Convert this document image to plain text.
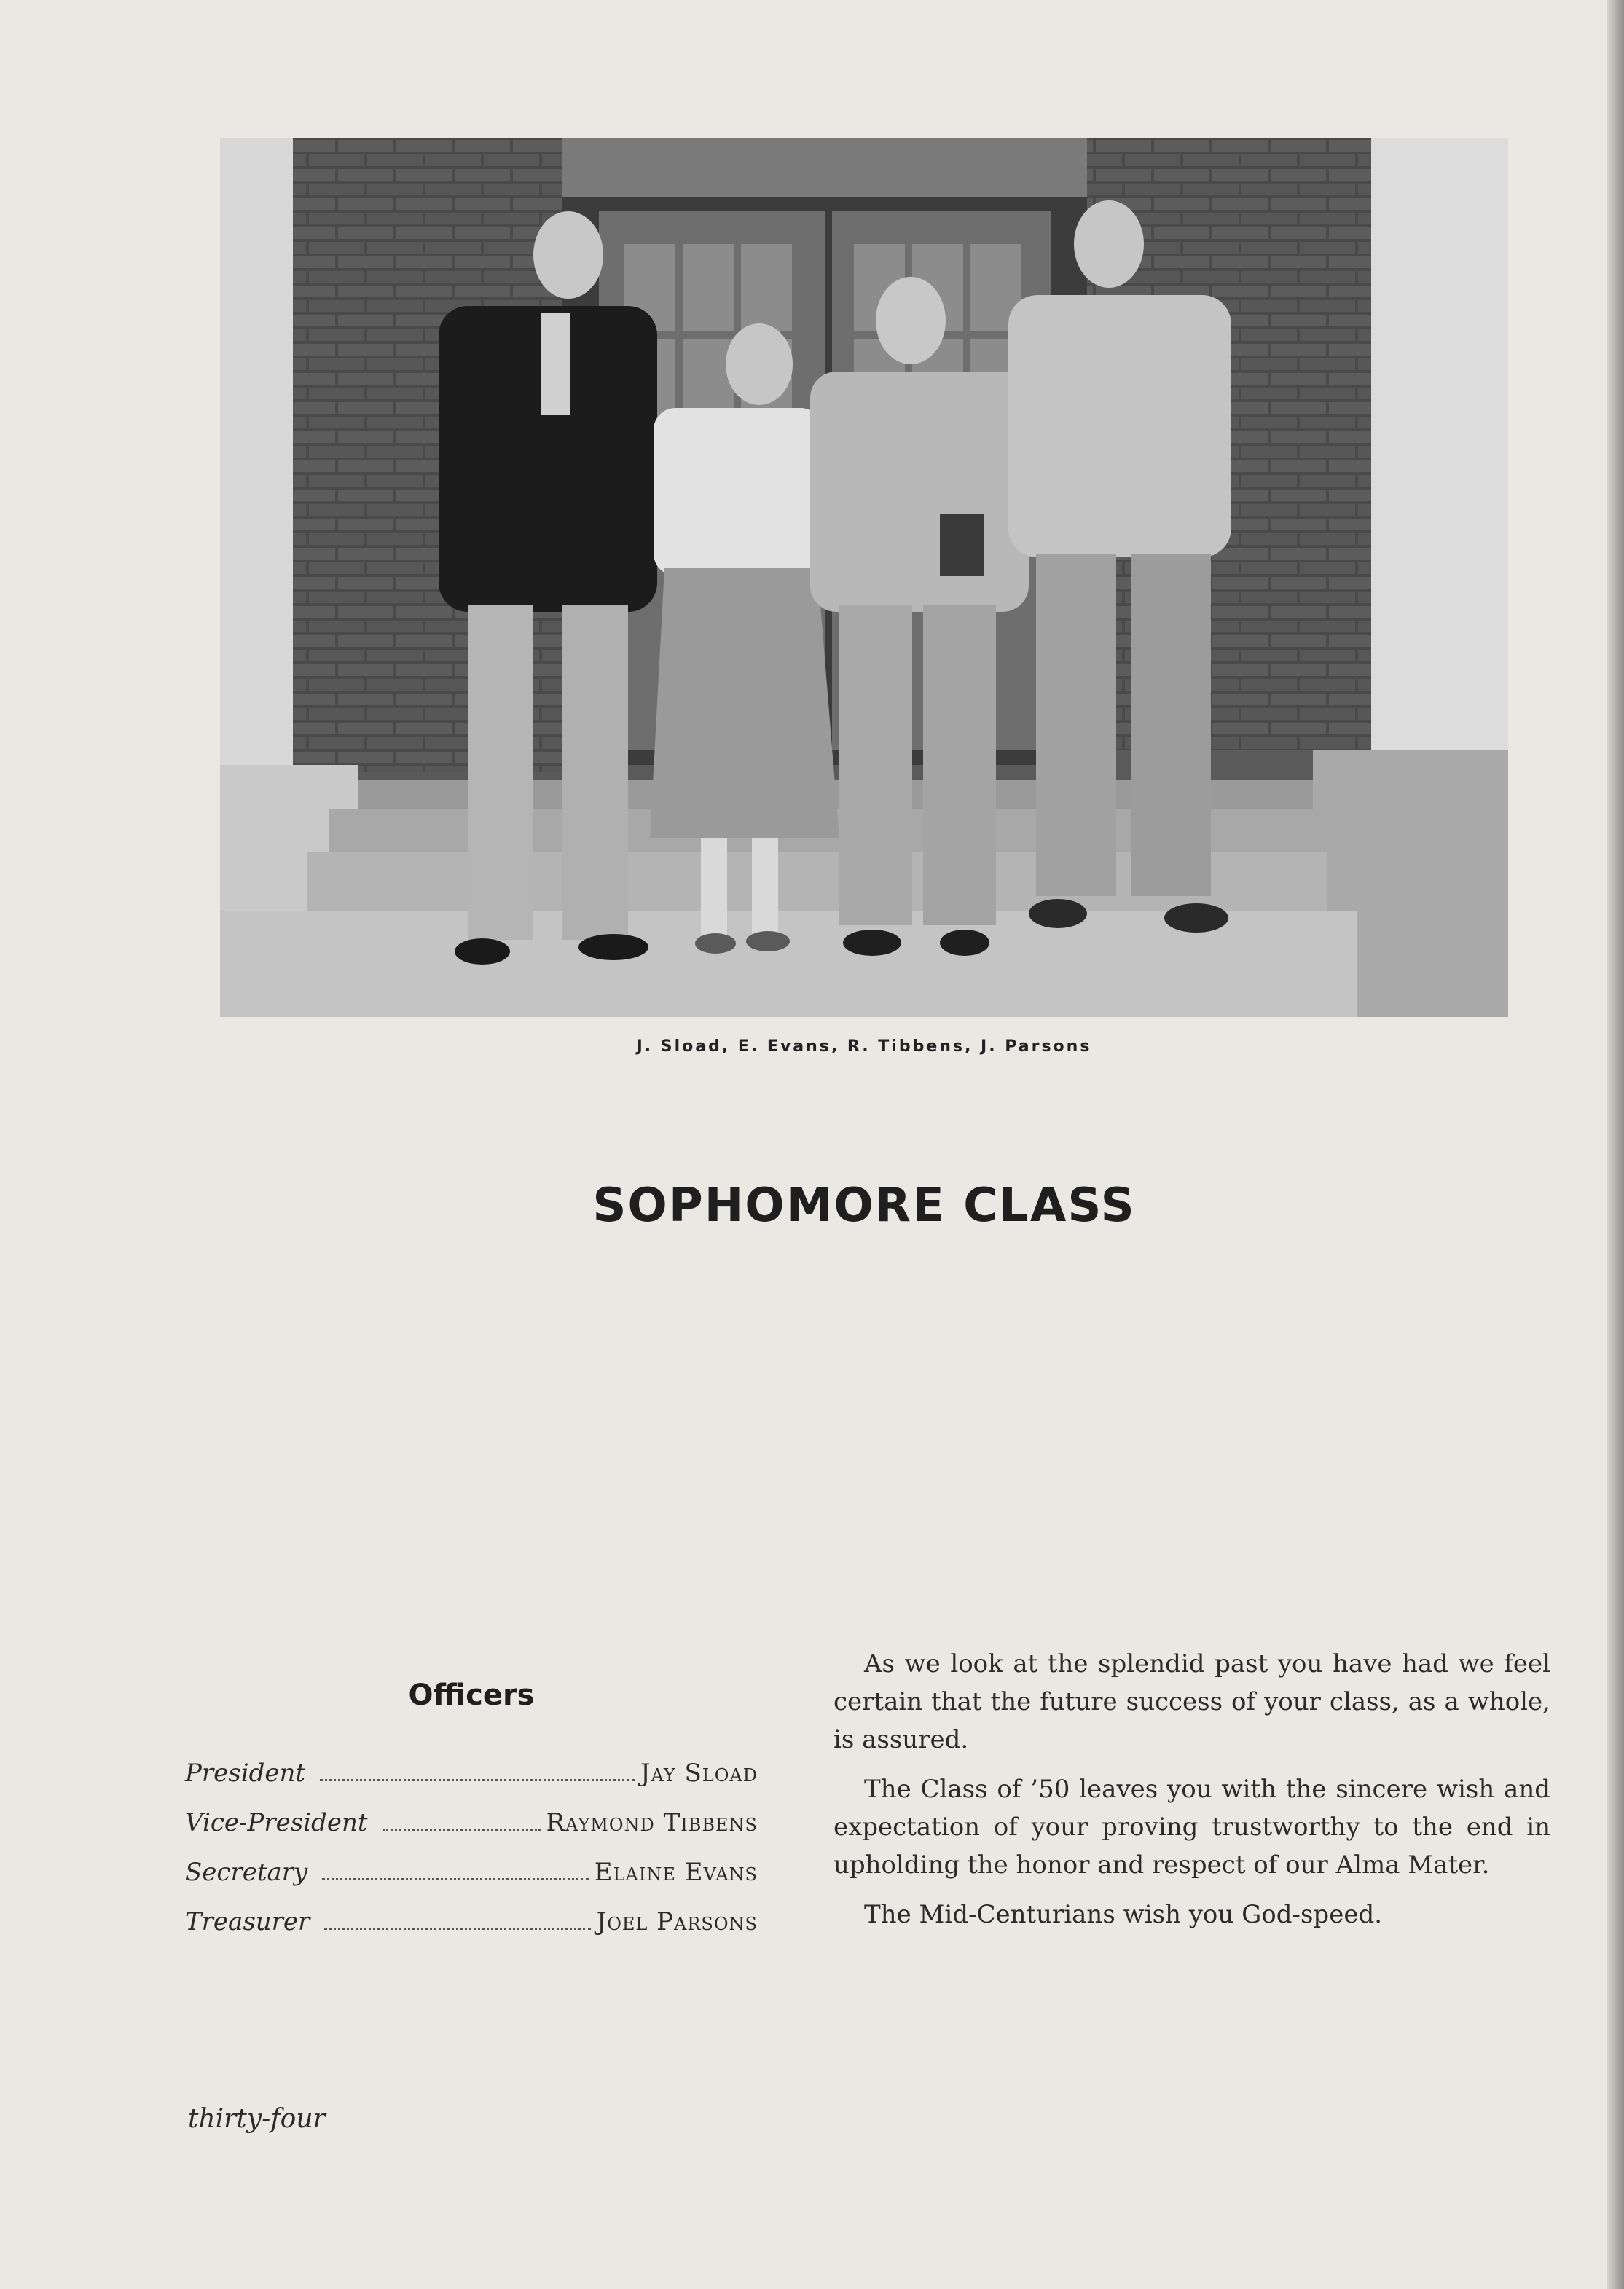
J. Sload, E. Evans, R. Tibbens, J. Parsons
SOPHOMORE CLASS
Officers
President	Jay Sload
Vice-President	Raymond Tibbens
Secretary	Elaine Evans
Treasurer	Joel Parsons

As we look at the splendid past you have had we feel certain that the future success of your class, as a whole, is assured.

The Class of ’50 leaves you with the sincere wish and expectation of your proving trustworthy to the end in upholding the honor and respect of our Alma Mater.

The Mid-Centurians wish you God-speed.

thirty-four
